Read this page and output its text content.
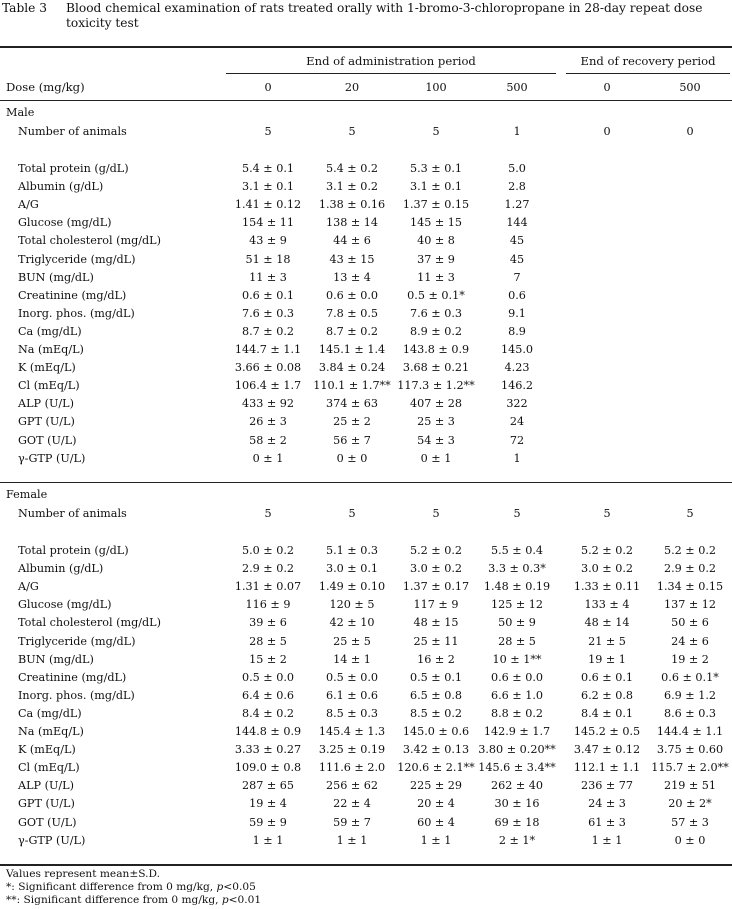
Table 3	Blood chemical examination of rats treated orally with 1-bromo-3-chloropropane in 28-day repeat dose toxicity test
End of administration period	End of recovery period
Dose (mg/kg)	0	20	100	500	0	500
Male
Number of animals	5	5	5	1	0	0
Total protein (g/dL)	5.4 ± 0.1	5.4 ± 0.2	5.3 ± 0.1	5.0
Albumin (g/dL)	3.1 ± 0.1	3.1 ± 0.2	3.1 ± 0.1	2.8
A/G	1.41 ± 0.12	1.38 ± 0.16	1.37 ± 0.15	1.27
Glucose (mg/dL)	154 ± 11	138 ± 14	145 ± 15	144
Total cholesterol (mg/dL)	43 ± 9	44 ± 6	40 ± 8	45
Triglyceride (mg/dL)	51 ± 18	43 ± 15	37 ± 9	45
BUN (mg/dL)	11 ± 3	13 ± 4	11 ± 3	7
Creatinine (mg/dL)	0.6 ± 0.1	0.6 ± 0.0	0.5 ± 0.1*	0.6
Inorg. phos. (mg/dL)	7.6 ± 0.3	7.8 ± 0.5	7.6 ± 0.3	9.1
Ca (mg/dL)	8.7 ± 0.2	8.7 ± 0.2	8.9 ± 0.2	8.9
Na (mEq/L)	144.7 ± 1.1	145.1 ± 1.4	143.8 ± 0.9	145.0
K (mEq/L)	3.66 ± 0.08	3.84 ± 0.24	3.68 ± 0.21	4.23
Cl (mEq/L)	106.4 ± 1.7	110.1 ± 1.7** 117.3 ± 1.2**	146.2
ALP (U/L)	433 ± 92	374 ± 63	407 ± 28	322
GPT (U/L)	26 ± 3	25 ± 2	25 ± 3	24
GOT (U/L)	58 ± 2	56 ± 7	54 ± 3	72
γ-GTP (U/L)	0 ± 1	0 ± 0	0 ± 1	1
Female
Number of animals	5	5	5	5	5	5
Total protein (g/dL)	5.0 ± 0.2	5.1 ± 0.3	5.2 ± 0.2	5.5 ± 0.4	5.2 ± 0.2	5.2 ± 0.2
Albumin (g/dL)	2.9 ± 0.2	3.0 ± 0.1	3.0 ± 0.2	3.3 ± 0.3*	3.0 ± 0.2	2.9 ± 0.2
A/G	1.31 ± 0.07	1.49 ± 0.10	1.37 ± 0.17	1.48 ± 0.19	1.33 ± 0.11	1.34 ± 0.15
Glucose (mg/dL)	116 ± 9	120 ± 5	117 ± 9	125 ± 12	133 ± 4	137 ± 12
Total cholesterol (mg/dL)	39 ± 6	42 ± 10	48 ± 15	50 ± 9	48 ± 14	50 ± 6
Triglyceride (mg/dL)	28 ± 5	25 ± 5	25 ± 11	28 ± 5	21 ± 5	24 ± 6
BUN (mg/dL)	15 ± 2	14 ± 1	16 ± 2	10 ± 1**	19 ± 1	19 ± 2
Creatinine (mg/dL)	0.5 ± 0.0	0.5 ± 0.0	0.5 ± 0.1	0.6 ± 0.0	0.6 ± 0.1	0.6 ± 0.1*
Inorg. phos. (mg/dL)	6.4 ± 0.6	6.1 ± 0.6	6.5 ± 0.8	6.6 ± 1.0	6.2 ± 0.8	6.9 ± 1.2
Ca (mg/dL)	8.4 ± 0.2	8.5 ± 0.3	8.5 ± 0.2	8.8 ± 0.2	8.4 ± 0.1	8.6 ± 0.3
Na (mEq/L)	144.8 ± 0.9	145.4 ± 1.3	145.0 ± 0.6	142.9 ± 1.7	145.2 ± 0.5	144.4 ± 1.1
K (mEq/L)	3.33 ± 0.27	3.25 ± 0.19	3.42 ± 0.13 3.80 ± 0.20**	3.47 ± 0.12	3.75 ± 0.60
Cl (mEq/L)	109.0 ± 0.8	111.6 ± 2.0	120.6 ± 2.1** 145.6 ± 3.4**	112.1 ± 1.1 115.7 ± 2.0**
ALP (U/L)	287 ± 65	256 ± 62	225 ± 29	262 ± 40	236 ± 77	219 ± 51
GPT (U/L)	19 ± 4	22 ± 4	20 ± 4	30 ± 16	24 ± 3	20 ± 2*
GOT (U/L)	59 ± 9	59 ± 7	60 ± 4	69 ± 18	61 ± 3	57 ± 3
γ-GTP (U/L)	1 ± 1	1 ± 1	1 ± 1	2 ± 1*	1 ± 1	0 ± 0
Values represent mean±S.D.
*: Significant difference from 0 mg/kg, p<0.05
**: Significant difference from 0 mg/kg, p<0.01
